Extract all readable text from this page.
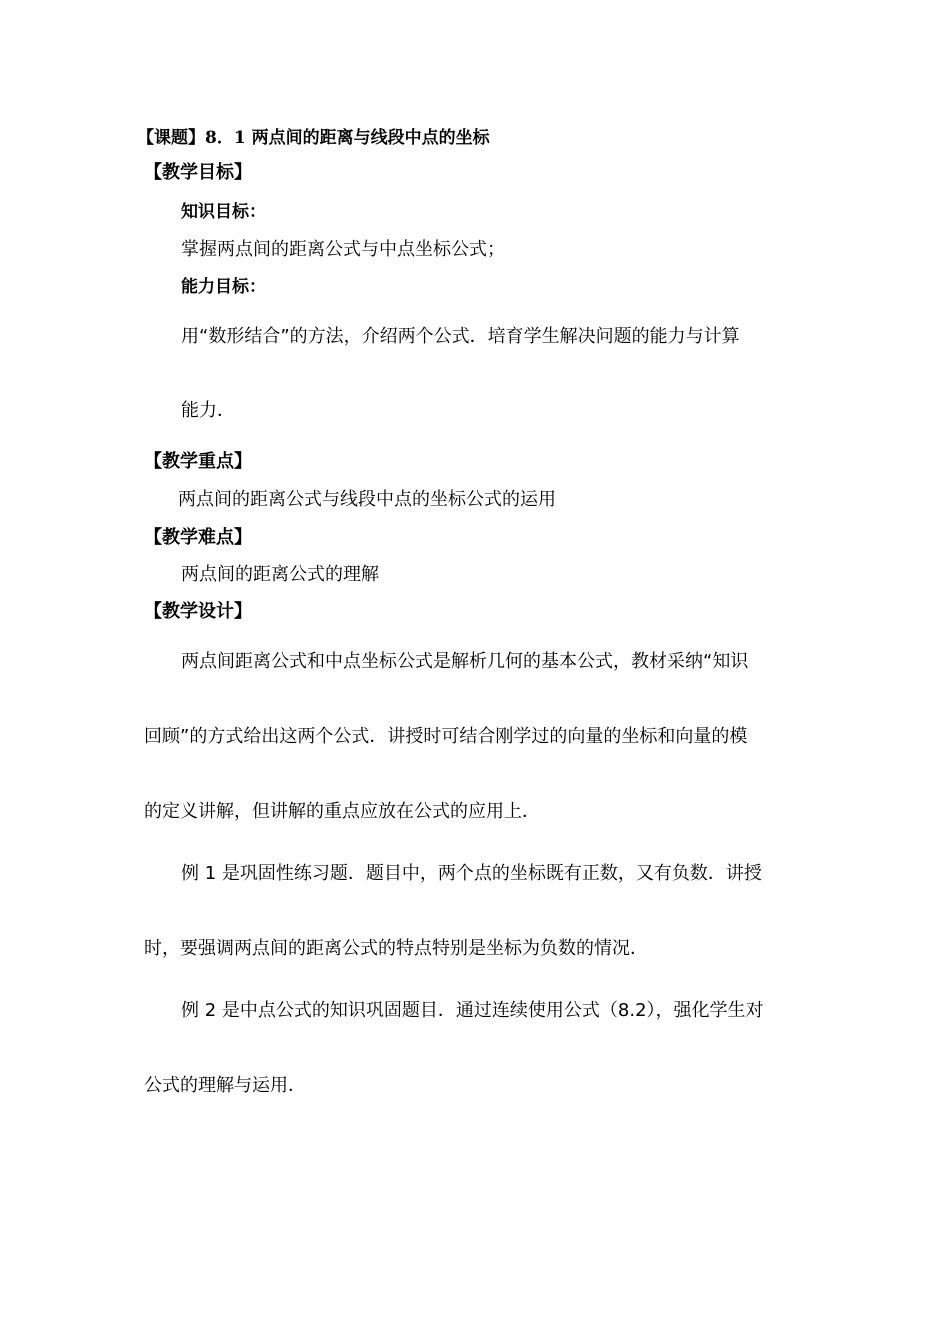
【课题】8．1 两点间的距离与线段中点的坐标
【教学目标】
知识目标：
掌握两点间的距离公式与中点坐标公式；
能力目标：
用“数形结合”的方法，介绍两个公式．培育学生解决问题的能力与计算
能力．
【教学重点】
两点间的距离公式与线段中点的坐标公式的运用
【教学难点】
两点间的距离公式的理解
【教学设计】
两点间距离公式和中点坐标公式是解析几何的基本公式，教材采纳“知识
回顾”的方式给出这两个公式．讲授时可结合刚学过的向量的坐标和向量的模
的定义讲解，但讲解的重点应放在公式的应用上．
例 1 是巩固性练习题．题目中，两个点的坐标既有正数，又有负数．讲授
时，要强调两点间的距离公式的特点特别是坐标为负数的情况．
例 2 是中点公式的知识巩固题目．通过连续使用公式（8.2），强化学生对
公式的理解与运用．
